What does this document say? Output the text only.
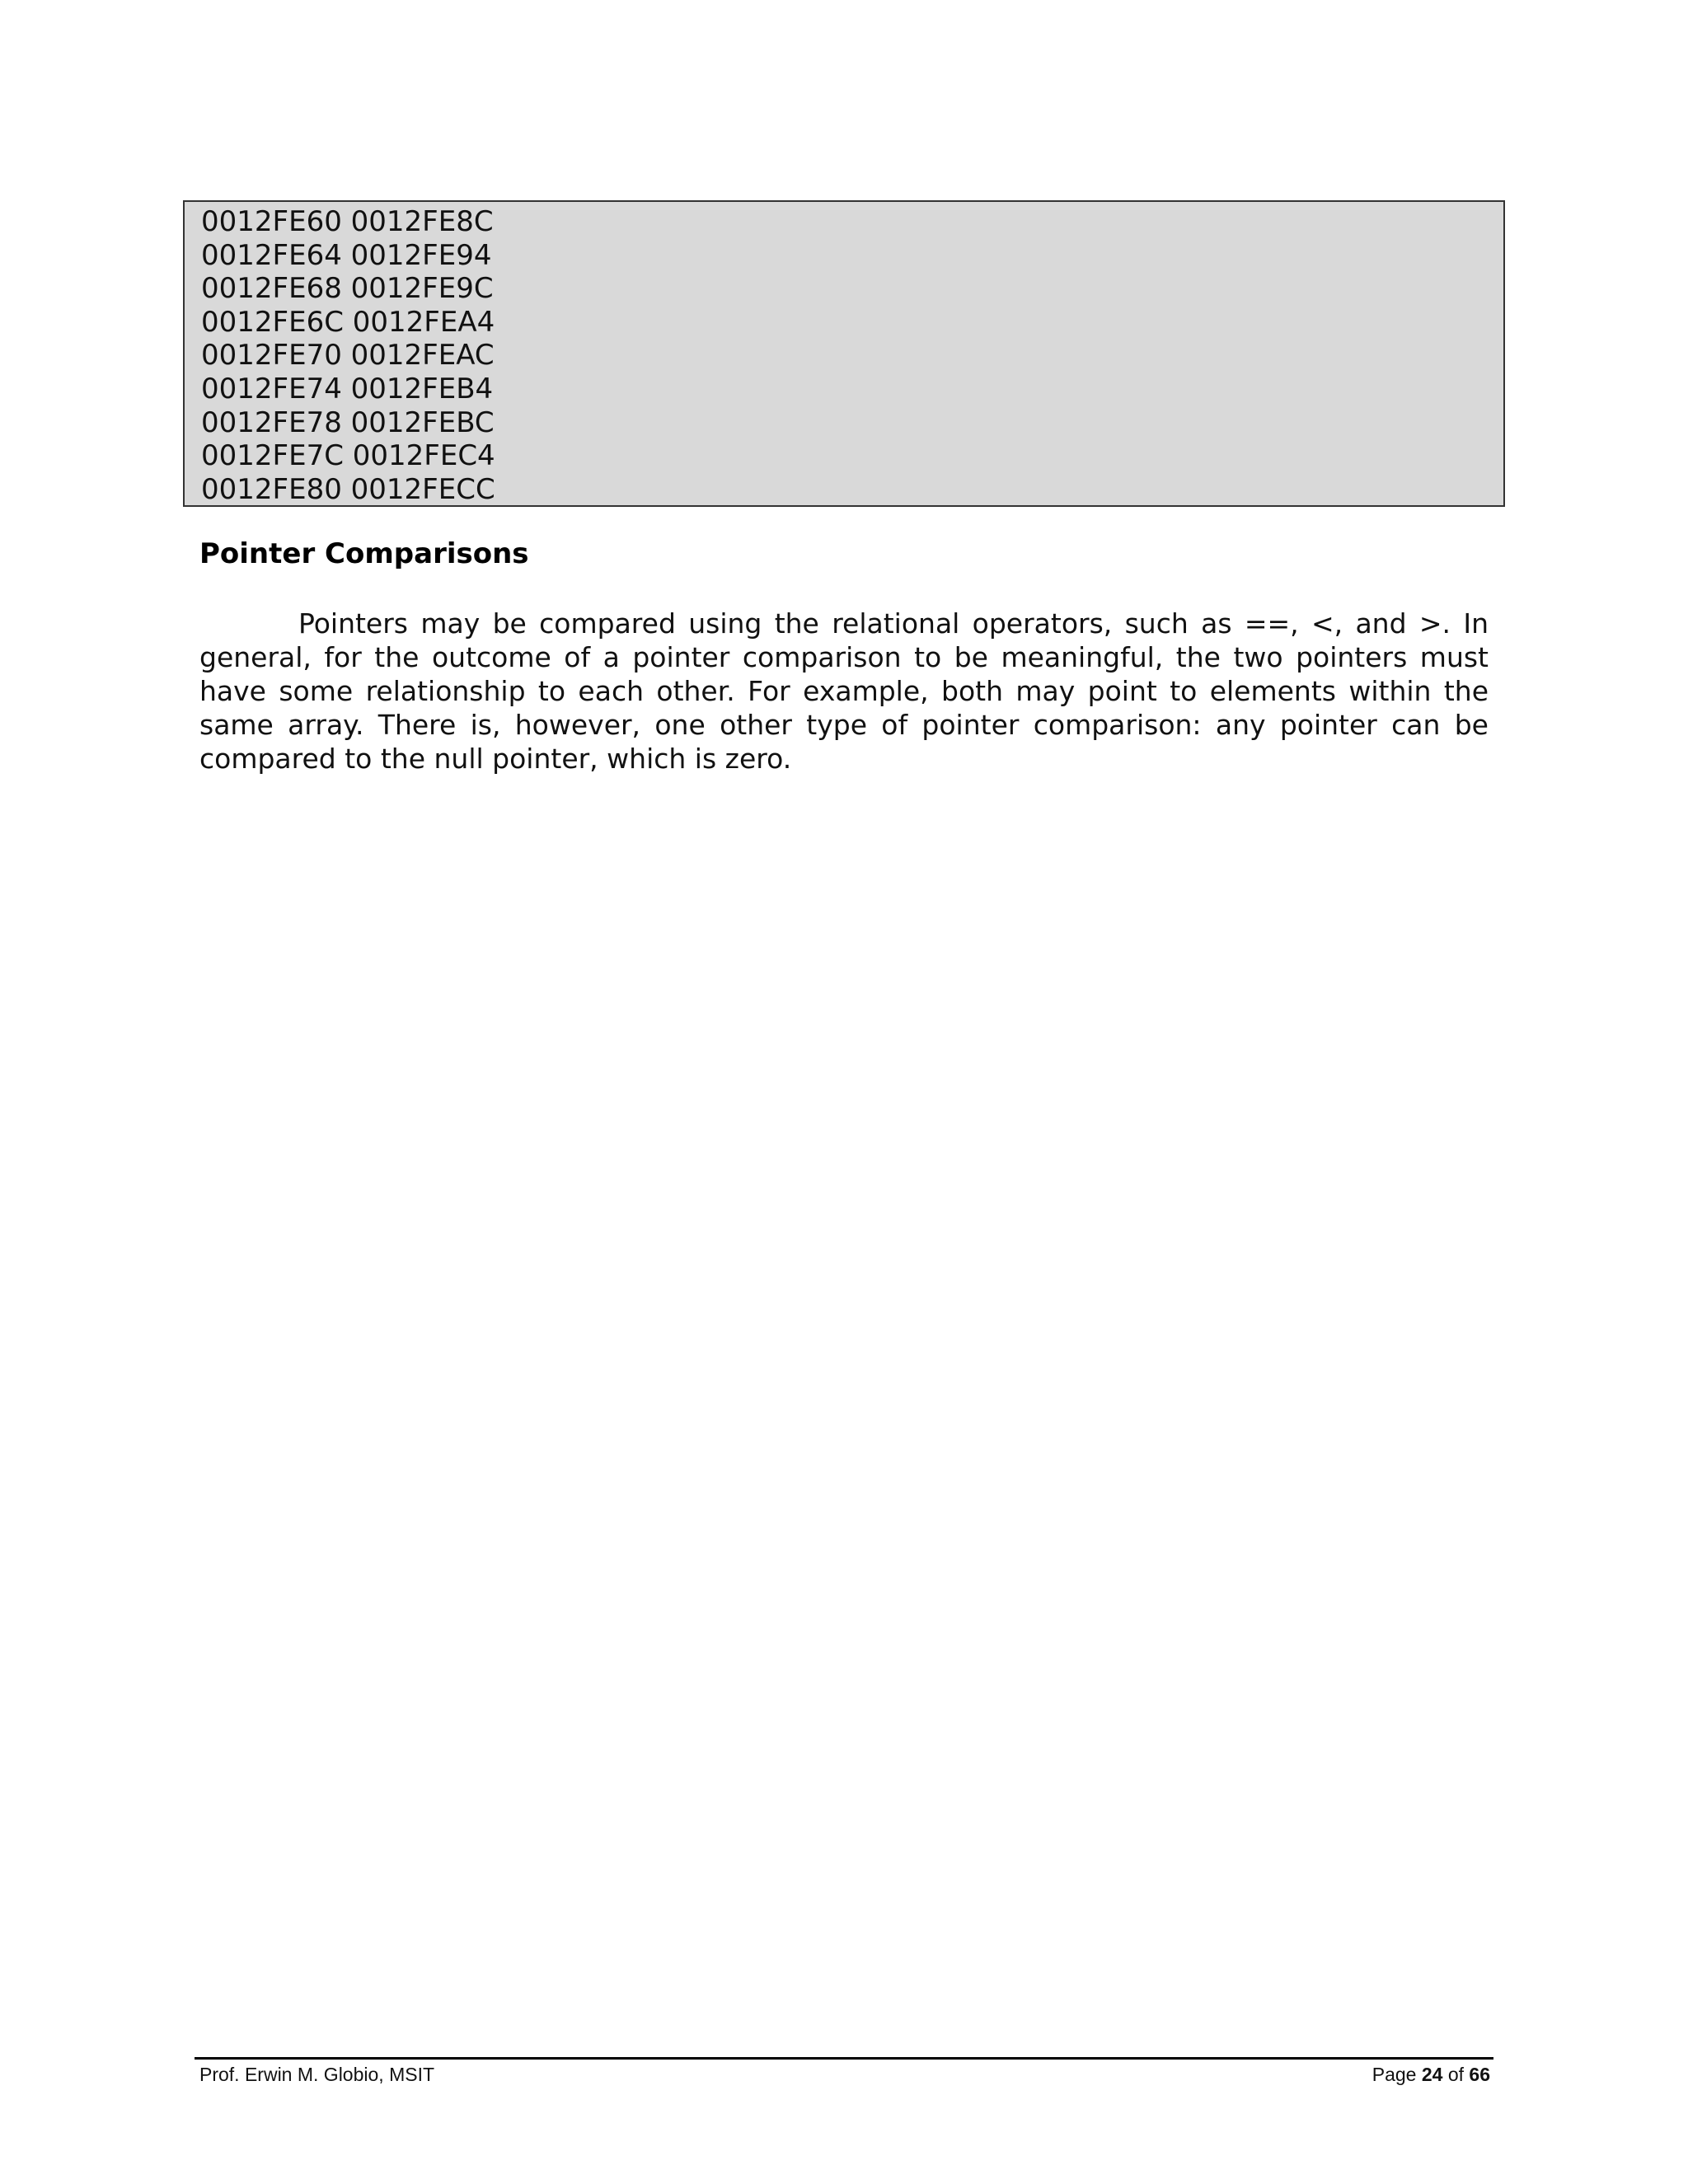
0012FE60 0012FE8C
0012FE64 0012FE94
0012FE68 0012FE9C
0012FE6C 0012FEA4
0012FE70 0012FEAC
0012FE74 0012FEB4
0012FE78 0012FEBC
0012FE7C 0012FEC4
0012FE80 0012FECC
Pointer Comparisons

Pointers may be compared using the relational operators, such as ==, <, and >. In general, for the outcome of a pointer comparison to be meaningful, the two pointers must have some relationship to each other. For example, both may point to elements within the same array. There is, however, one other type of pointer comparison: any pointer can be compared to the null pointer, which is zero.

Prof. Erwin M. Globio, MSIT	Page 24 of 66
